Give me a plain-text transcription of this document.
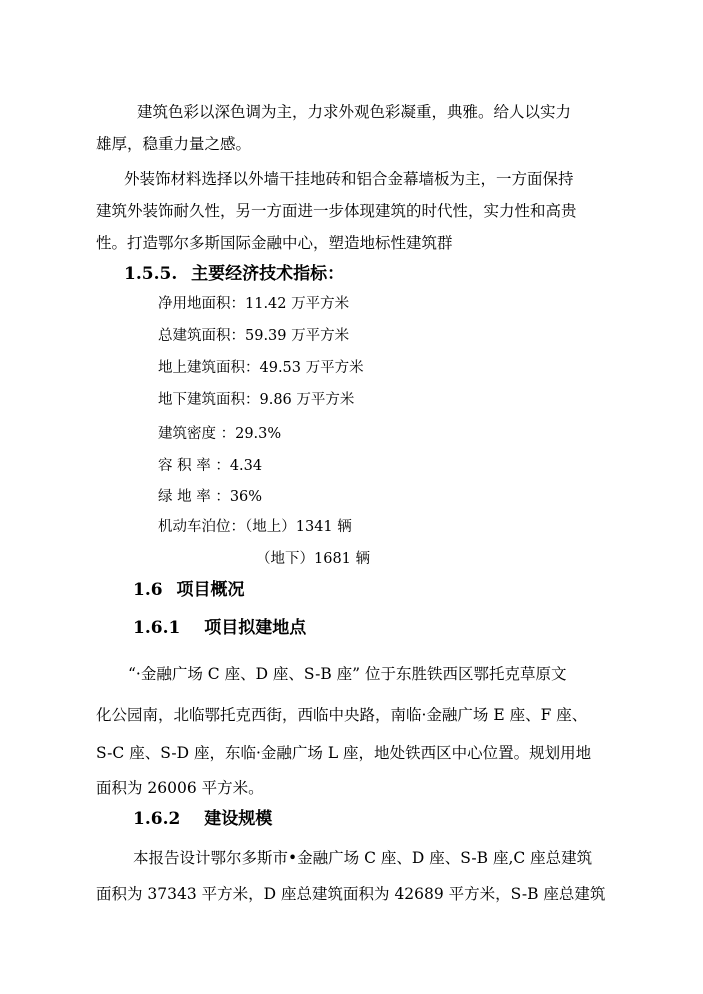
建筑色彩以深色调为主，力求外观色彩凝重，典雅。给人以实力
雄厚，稳重力量之感。
外装饰材料选择以外墙干挂地砖和铝合金幕墙板为主，一方面保持
建筑外装饰耐久性，另一方面进一步体现建筑的时代性，实力性和高贵
性。打造鄂尔多斯国际金融中心，塑造地标性建筑群
1.5.5. 主要经济技术指标：
净用地面积：11.42 万平方米
总建筑面积：59.39 万平方米
地上建筑面积：49.53 万平方米
地下建筑面积：9.86 万平方米
建筑密度 ：29.3%
容 积 率 ：4.34
绿 地 率 ：36%
机动车泊位：（地上）1341 辆
（地下）1681 辆
1.6 项目概况
1.6.1 项目拟建地点
“·金融广场 C 座、D 座、S-B 座” 位于东胜铁西区鄂托克草原文
化公园南，北临鄂托克西街，西临中央路，南临·金融广场 E 座、F 座、
S-C 座、S-D 座，东临·金融广场 L 座，地处铁西区中心位置。规划用地
面积为 26006 平方米。
1.6.2 建设规模
本报告设计鄂尔多斯市•金融广场 C 座、D 座、S-B 座,C 座总建筑
面积为 37343 平方米，D 座总建筑面积为 42689 平方米，S-B 座总建筑
